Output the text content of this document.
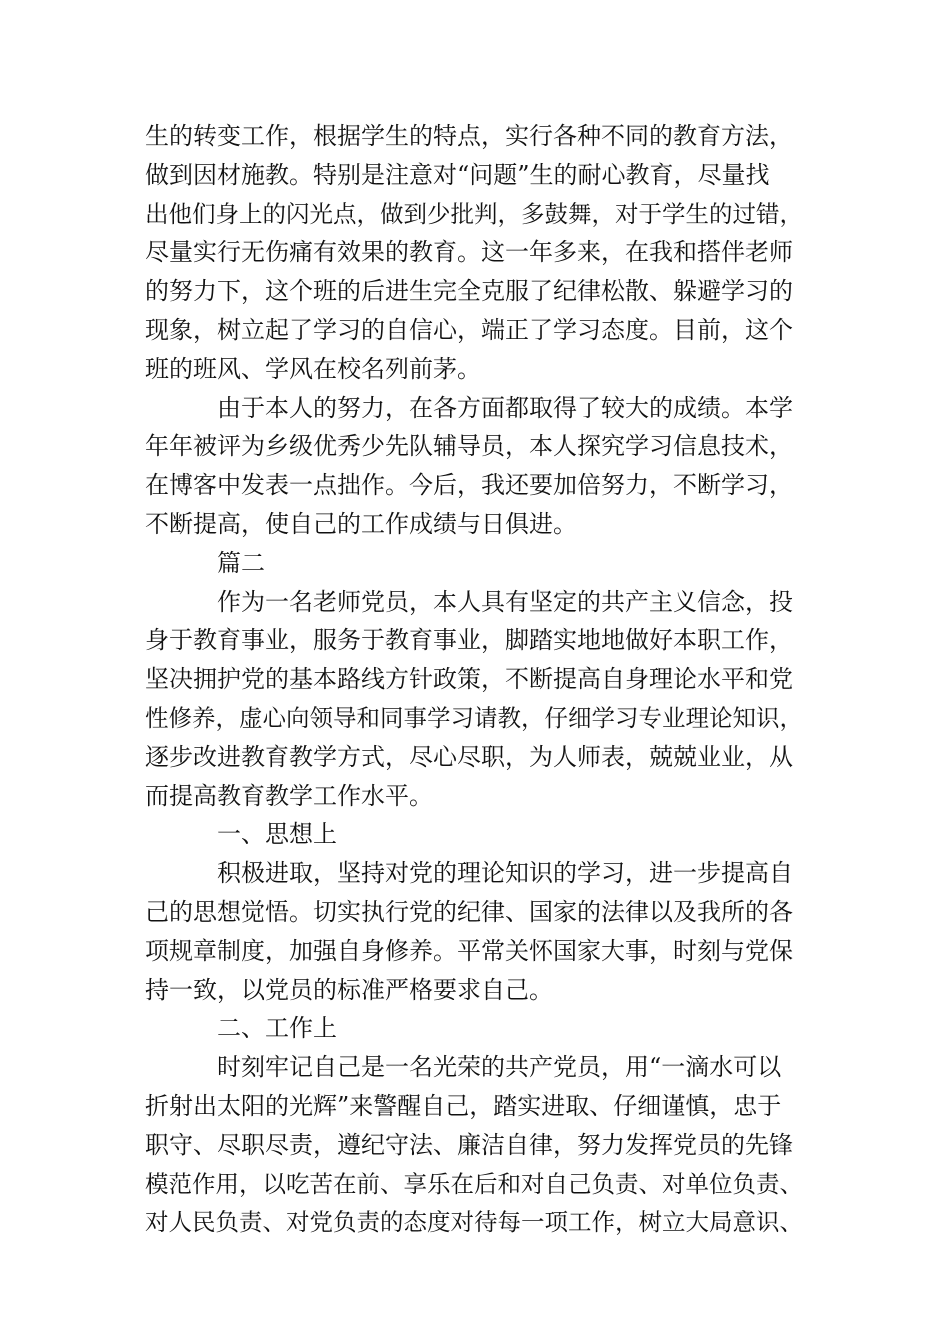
生的转变工作，根据学生的特点，实行各种不同的教育方法，
做到因材施教。特别是注意对“问题”生的耐心教育，尽量找
出他们身上的闪光点，做到少批判，多鼓舞，对于学生的过错，
尽量实行无伤痛有效果的教育。这一年多来，在我和搭伴老师
的努力下，这个班的后进生完全克服了纪律松散、躲避学习的
现象，树立起了学习的自信心，端正了学习态度。目前，这个
班的班风、学风在校名列前茅。
由于本人的努力，在各方面都取得了较大的成绩。本学
年年被评为乡级优秀少先队辅导员，本人探究学习信息技术，
在博客中发表一点拙作。今后，我还要加倍努力，不断学习，
不断提高，使自己的工作成绩与日俱进。
篇二
作为一名老师党员，本人具有坚定的共产主义信念，投
身于教育事业，服务于教育事业，脚踏实地地做好本职工作，
坚决拥护党的基本路线方针政策，不断提高自身理论水平和党
性修养，虚心向领导和同事学习请教，仔细学习专业理论知识，
逐步改进教育教学方式，尽心尽职，为人师表，兢兢业业，从
而提高教育教学工作水平。
一、思想上
积极进取，坚持对党的理论知识的学习，进一步提高自
己的思想觉悟。切实执行党的纪律、国家的法律以及我所的各
项规章制度，加强自身修养。平常关怀国家大事，时刻与党保
持一致，以党员的标准严格要求自己。
二、工作上
时刻牢记自己是一名光荣的共产党员，用“一滴水可以
折射出太阳的光辉”来警醒自己，踏实进取、仔细谨慎，忠于
职守、尽职尽责，遵纪守法、廉洁自律，努力发挥党员的先锋
模范作用，以吃苦在前、享乐在后和对自己负责、对单位负责、
对人民负责、对党负责的态度对待每一项工作，树立大局意识、
